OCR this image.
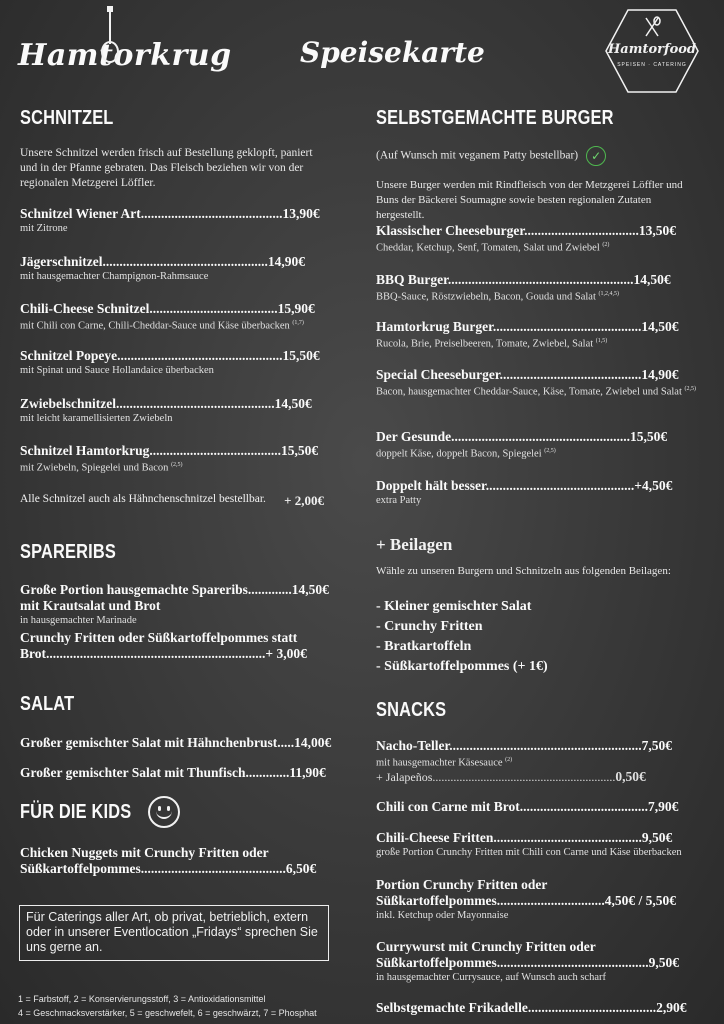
Hamtorkrug Speisekarte	Hamtorfood
SPEISEN · CATERING
SCHNITZEL
Unsere Schnitzel werden frisch auf Bestellung geklopft, paniert und in der Pfanne gebraten. Das Fleisch beziehen wir von der regionalen Metzgerei Löffler.
Schnitzel Wiener Art..........................................13,90€
mit Zitrone
Jägerschnitzel.................................................14,90€
mit hausgemachter Champignon-Rahmsauce
Chili-Cheese Schnitzel......................................15,90€
mit Chili con Carne, Chili-Cheddar-Sauce und Käse überbacken $^{(1,7)}$
Schnitzel Popeye.................................................15,50€
mit Spinat und Sauce Hollandaice überbacken
Zwiebelschnitzel...............................................14,50€
mit leicht karamellisierten Zwiebeln
Schnitzel Hamtorkrug.......................................15,50€
mit Zwiebeln, Spiegelei und Bacon $^{(2,5)}$
Alle Schnitzel auch als Hähnchenschnitzel bestellbar. + 2,00€
SPARERIBS
Große Portion hausgemachte Spareribs.............14,50€
mit Krautsalat und Brot
in hausgemachter Marinade
Crunchy Fritten oder Süßkartoffelpommes statt
Brot.................................................................+ 3,00€
SALAT
Großer gemischter Salat mit Hähnchenbrust.....14,00€
Großer gemischter Salat mit Thunfisch.............11,90€
FÜR DIE KIDS
Chicken Nuggets mit Crunchy Fritten oder
Süßkartoffelpommes...........................................6,50€
Für Caterings aller Art, ob privat, betrieblich, extern oder in unserer Eventlocation „Fridays“ sprechen Sie uns gerne an.
1 = Farbstoff, 2 = Konservierungsstoff, 3 = Antioxidationsmittel
4 = Geschmacksverstärker, 5 = geschwefelt, 6 = geschwärzt, 7 = Phosphat
SELBSTGEMACHTE BURGER
(Auf Wunsch mit veganem Patty bestellbar) ✓
Unsere Burger werden mit Rindfleisch von der Metzgerei Löffler und Buns der Bäckerei Soumagne sowie besten regionalen Zutaten hergestellt.
Klassischer Cheeseburger..................................13,50€
Cheddar, Ketchup, Senf, Tomaten, Salat und Zwiebel $^{(2)}$
BBQ Burger.......................................................14,50€
BBQ-Sauce, Röstzwiebeln, Bacon, Gouda und Salat $^{(1,2,4,5)}$
Hamtorkrug Burger............................................14,50€
Rucola, Brie, Preiselbeeren, Tomate, Zwiebel, Salat $^{(1,5)}$
Special Cheeseburger..........................................14,90€
Bacon, hausgemachter Cheddar-Sauce, Käse, Tomate, Zwiebel und Salat $^{(2,5)}$
Der Gesunde.....................................................15,50€
doppelt Käse, doppelt Bacon, Spiegelei $^{(2,5)}$
Doppelt hält besser............................................+4,50€
extra Patty
+ Beilagen
Wähle zu unseren Burgern und Schnitzeln aus folgenden Beilagen:
- Kleiner gemischter Salat
- Crunchy Fritten
- Bratkartoffeln
- Süßkartoffelpommes (+ 1€)
SNACKS
Nacho-Teller.........................................................7,50€
mit hausgemachter Käsesauce $^{(2)}$
+ Jalapeños.............................................................0,50€
Chili con Carne mit Brot......................................7,90€
Chili-Cheese Fritten............................................9,50€
große Portion Crunchy Fritten mit Chili con Carne und Käse überbacken
Portion Crunchy Fritten oder
Süßkartoffelpommes................................4,50€ / 5,50€
inkl. Ketchup oder Mayonnaise
Currywurst mit Crunchy Fritten oder
Süßkartoffelpommes.............................................9,50€
in hausgemachter Currysauce, auf Wunsch auch scharf
Selbstgemachte Frikadelle......................................2,90€
